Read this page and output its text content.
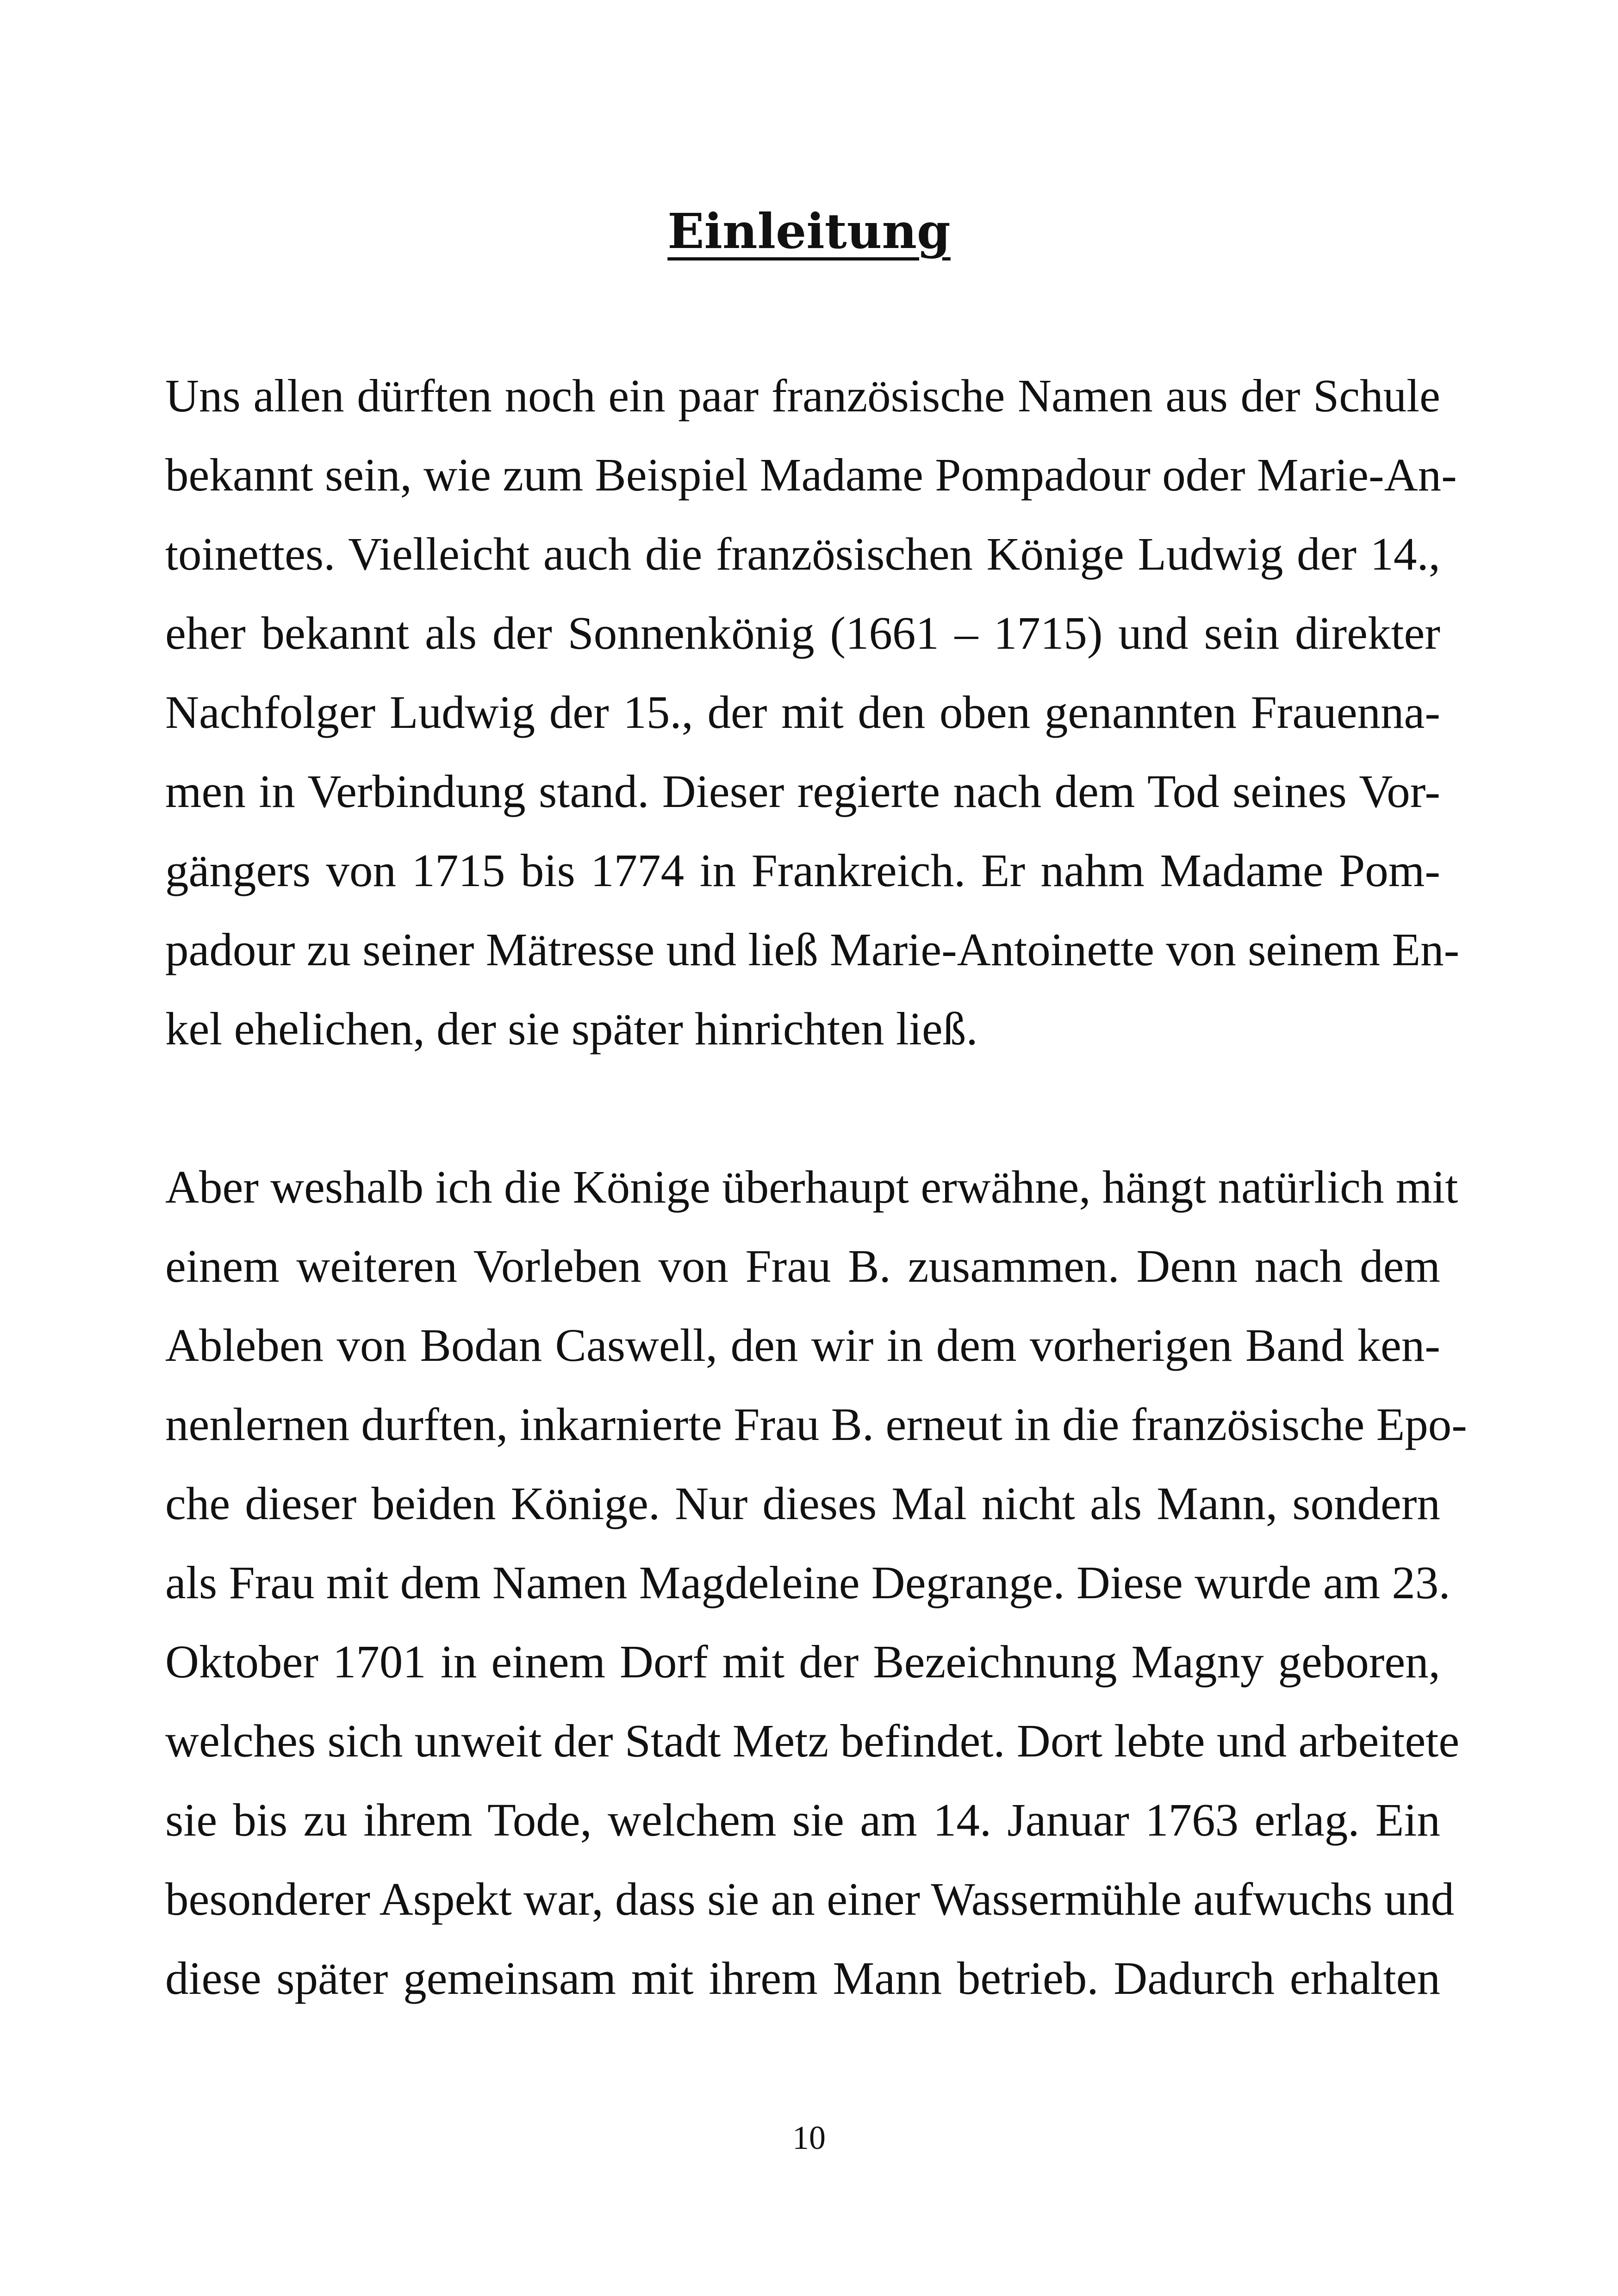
Einleitung
Uns allen dürften noch ein paar französische Namen aus der Schule
bekannt sein, wie zum Beispiel Madame Pompadour oder Marie-An-
toinettes. Vielleicht auch die französischen Könige Ludwig der 14.,
eher bekannt als der Sonnenkönig (1661 – 1715) und sein direkter
Nachfolger Ludwig der 15., der mit den oben genannten Frauenna-
men in Verbindung stand. Dieser regierte nach dem Tod seines Vor-
gängers von 1715 bis 1774 in Frankreich. Er nahm Madame Pom-
padour zu seiner Mätresse und ließ Marie-Antoinette von seinem En-
kel ehelichen, der sie später hinrichten ließ.
Aber weshalb ich die Könige überhaupt erwähne, hängt natürlich mit
einem weiteren Vorleben von Frau B. zusammen. Denn nach dem
Ableben von Bodan Caswell, den wir in dem vorherigen Band ken-
nenlernen durften, inkarnierte Frau B. erneut in die französische Epo-
che dieser beiden Könige. Nur dieses Mal nicht als Mann, sondern
als Frau mit dem Namen Magdeleine Degrange. Diese wurde am 23.
Oktober 1701 in einem Dorf mit der Bezeichnung Magny geboren,
welches sich unweit der Stadt Metz befindet. Dort lebte und arbeitete
sie bis zu ihrem Tode, welchem sie am 14. Januar 1763 erlag. Ein
besonderer Aspekt war, dass sie an einer Wassermühle aufwuchs und
diese später gemeinsam mit ihrem Mann betrieb. Dadurch erhalten
10
